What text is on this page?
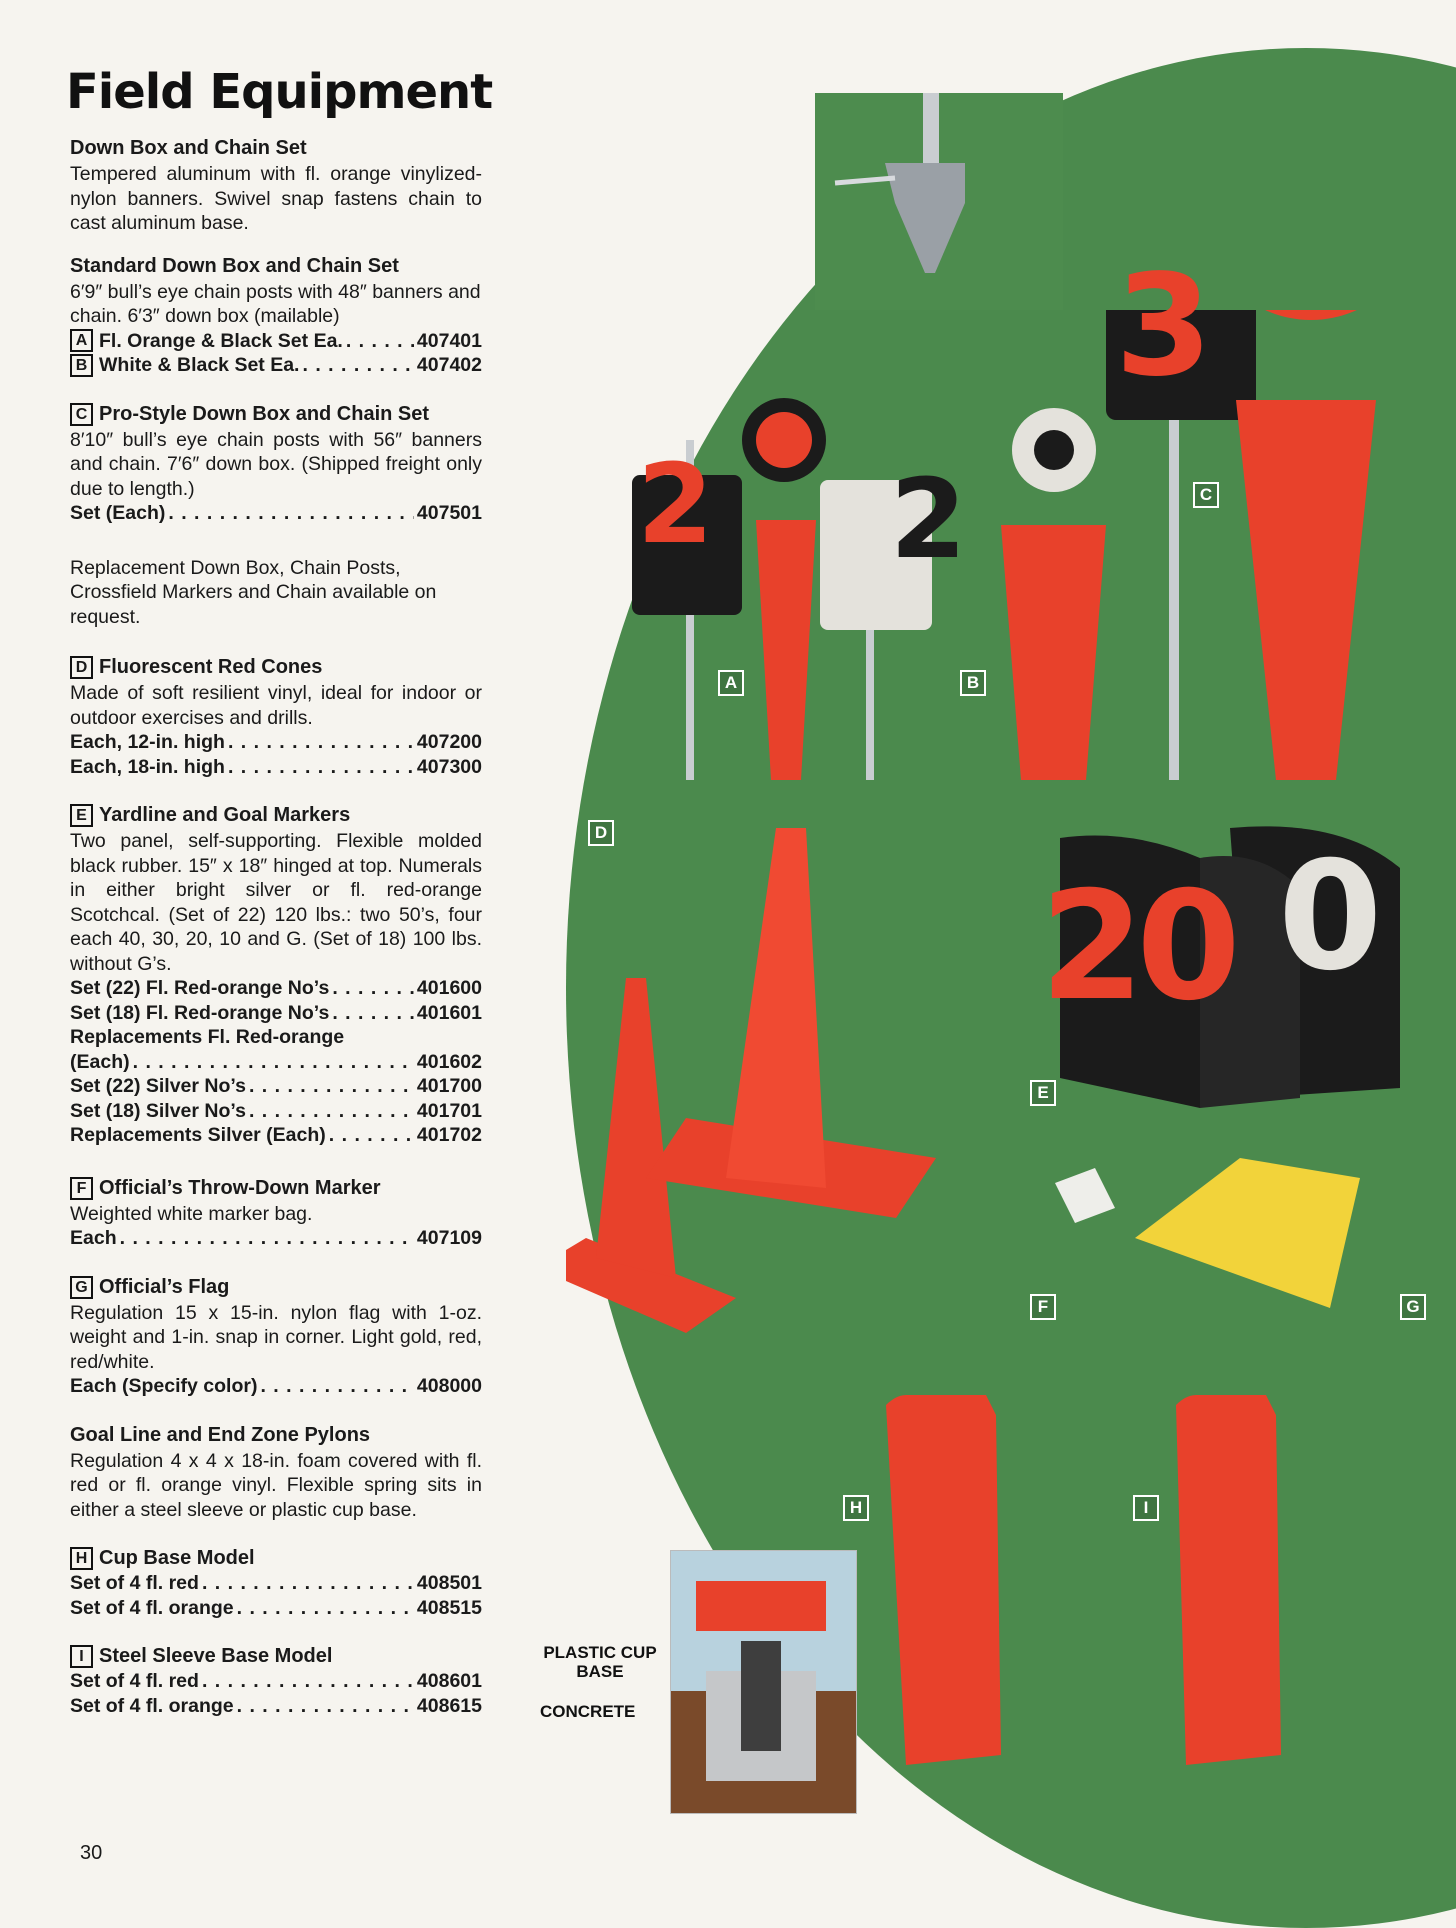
Field Equipment
Down Box and Chain Set
Tempered aluminum with fl. orange vinylized-nylon banners. Swivel snap fastens chain to cast aluminum base.
Standard Down Box and Chain Set
6′9″ bull’s eye chain posts with 48″ banners and chain. 6′3″ down box (mailable)
A Fl. Orange & Black Set Ea. . . .	407401
B White & Black Set Ea. . . .	407402
C Pro-Style Down Box and Chain Set
8′10″ bull’s eye chain posts with 56″ banners and chain. 7′6″ down box. (Shipped freight only due to length.)
Set (Each) . . .	407501
Replacement Down Box, Chain Posts, Crossfield Markers and Chain available on request.
D Fluorescent Red Cones
Made of soft resilient vinyl, ideal for indoor or outdoor exercises and drills.
Each, 12-in. high . . .	407200
Each, 18-in. high . . .	407300
E Yardline and Goal Markers
Two panel, self-supporting. Flexible molded black rubber. 15″ x 18″ hinged at top. Numerals in either bright silver or fl. red-orange Scotchcal. (Set of 22) 120 lbs.: two 50’s, four each 40, 30, 20, 10 and G. (Set of 18) 100 lbs. without G’s.
Set (22) Fl. Red-orange No’s . . .	401600
Set (18) Fl. Red-orange No’s . . .	401601
Replacements Fl. Red-orange
(Each) . . .	401602
Set (22) Silver No’s . . .	401700
Set (18) Silver No’s . . .	401701
Replacements Silver (Each) . . .	401702
F Official’s Throw-Down Marker
Weighted white marker bag.
Each . . .	407109
G Official’s Flag
Regulation 15 x 15-in. nylon flag with 1-oz. weight and 1-in. snap in corner. Light gold, red, red/white.
Each (Specify color) . . .	408000
Goal Line and End Zone Pylons
Regulation 4 x 4 x 18-in. foam covered with fl. red or fl. orange vinyl. Flexible spring sits in either a steel sleeve or plastic cup base.
H Cup Base Model
Set of 4 fl. red . . .	408501
Set of 4 fl. orange . . .	408515
I Steel Sleeve Base Model
Set of 4 fl. red . . .	408601
Set of 4 fl. orange . . .	408615
30
2 2
3
A	B
C
D
20 0
E
F	G
H	I
PLASTIC CUP BASE
CONCRETE
